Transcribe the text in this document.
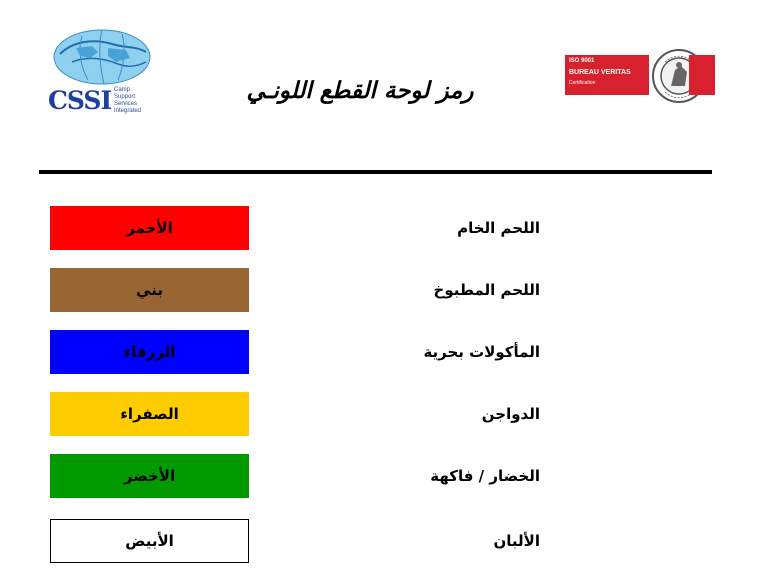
CSSI Camp
Support
Services
Integrated
رمز لوحة القطع اللونـي
ISO 9001
BUREAU VERITAS
Certification
الأحمر	اللحم الخام
بني	اللحم المطبوخ
الزرقاء	المأكولات بحرية
الصفراء	الدواجن
الأخضر	الخضار / فاكهة
الأبيض	الألبان
